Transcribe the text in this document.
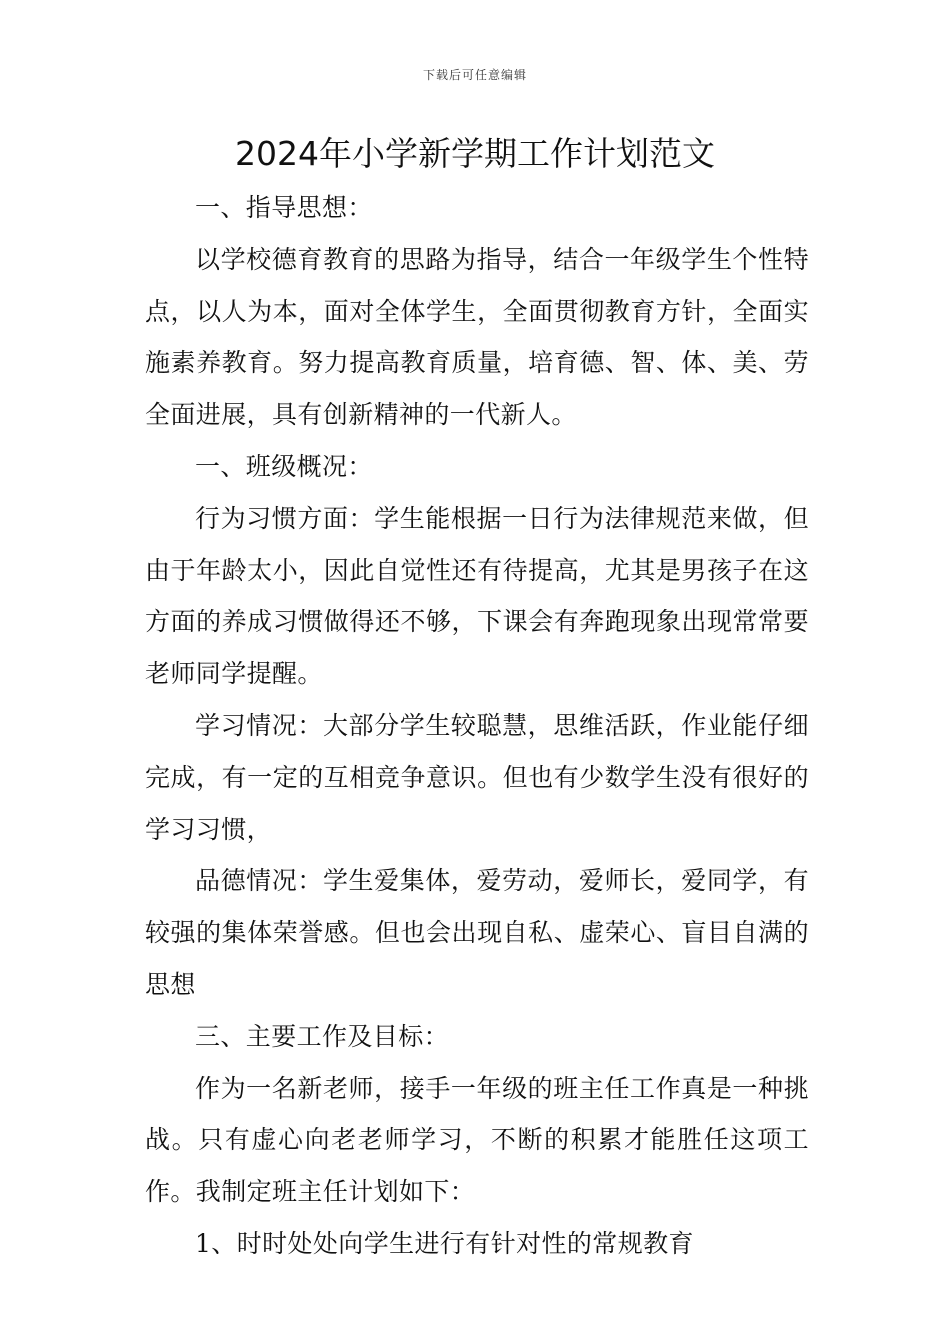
下载后可任意编辑
2024年小学新学期工作计划范文

一、指导思想：

以学校德育教育的思路为指导，结合一年级学生个性特点，以人为本，面对全体学生，全面贯彻教育方针，全面实施素养教育。努力提高教育质量，培育德、智、体、美、劳全面进展，具有创新精神的一代新人。

一、班级概况：

行为习惯方面：学生能根据一日行为法律规范来做，但由于年龄太小，因此自觉性还有待提高，尤其是男孩子在这方面的养成习惯做得还不够，下课会有奔跑现象出现常常要老师同学提醒。

学习情况：大部分学生较聪慧，思维活跃，作业能仔细完成，有一定的互相竞争意识。但也有少数学生没有很好的学习习惯，

品德情况：学生爱集体，爱劳动，爱师长，爱同学，有较强的集体荣誉感。但也会出现自私、虚荣心、盲目自满的思想

三、主要工作及目标：

作为一名新老师，接手一年级的班主任工作真是一种挑战。只有虚心向老老师学习，不断的积累才能胜任这项工作。我制定班主任计划如下：

1、时时处处向学生进行有针对性的常规教育
